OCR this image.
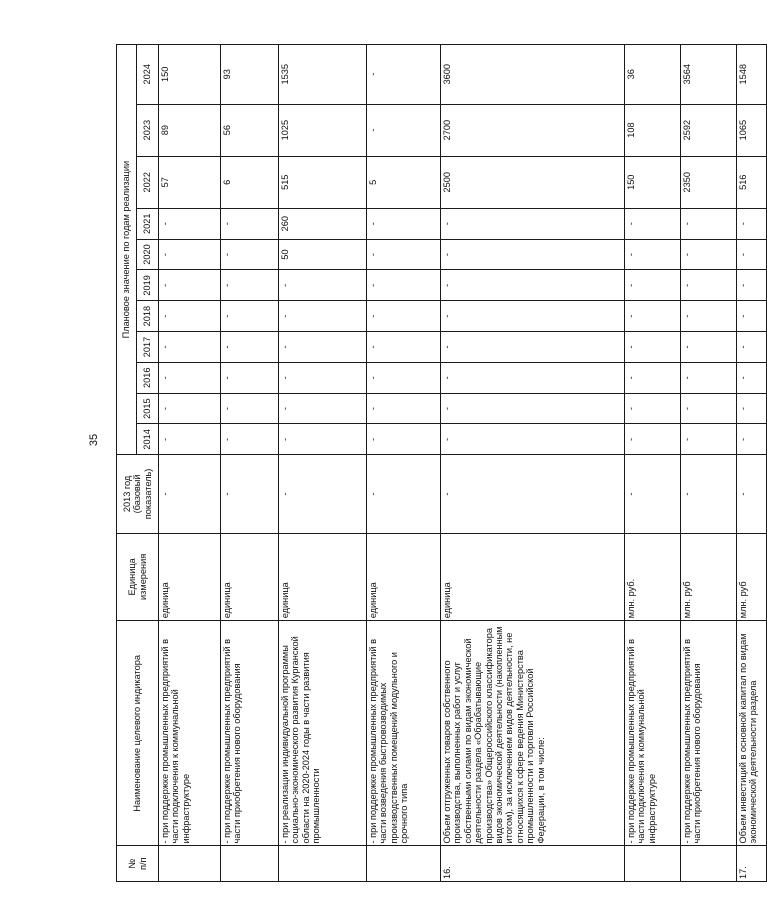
35
№
п/п	Наименование целевого индикатора	Единица
измерения	2013 год
(базовый
показатель)	Плановое значение по годам реализации										
				2014	2015	2016	2017	2018	2019	2020	2021	2022	2023	2024
	- при поддержке промышленных предприятий в части подключения к коммунальной инфраструктуре	единица	-	-	-	-	-	-	-	-	-	57	89	150
	- при поддержке промышленных предприятий в части приобретения нового оборудования	единица	-	-	-	-	-	-	-	-	-	6	56	93
	- при реализации индивидуальной программы социально-экономического развития Курганской области на 2020-2024 годы в части развития промышленности	единица	-	-	-	-	-	-	-	50	260	515	1025	1535
	- при поддержке промышленных предприятий в части возведения быстровозводимых производственных помещений модульного и срочного типа	единица	-	-	-	-	-	-	-	-	-	5	-	-
16.	Объем отгруженных товаров собственного производства, выполненных работ и услуг собственными силами по видам экономической деятельности раздела «Обрабатывающие производства» Общероссийского классификатора видов экономической деятельности (накопленным итогом), за исключением видов деятельности, не относящихся к сфере ведения Министерства промышленности и торговли Российской Федерации, в том числе:	единица	-	-	-	-	-	-	-	-	-	2500	2700	3600
	- при поддержке промышленных предприятий в части подключения к коммунальной инфраструктуре	млн. руб.	-	-	-	-	-	-	-	-	-	150	108	36
	- при поддержке промышленных предприятий в части приобретения нового оборудования	млн. руб	-	-	-	-	-	-	-	-	-	2350	2592	3564
17.	Объем инвестиций в основной капитал по видам экономической деятельности раздела	млн. руб	-	-	-	-	-	-	-	-	-	516	1065	1548
